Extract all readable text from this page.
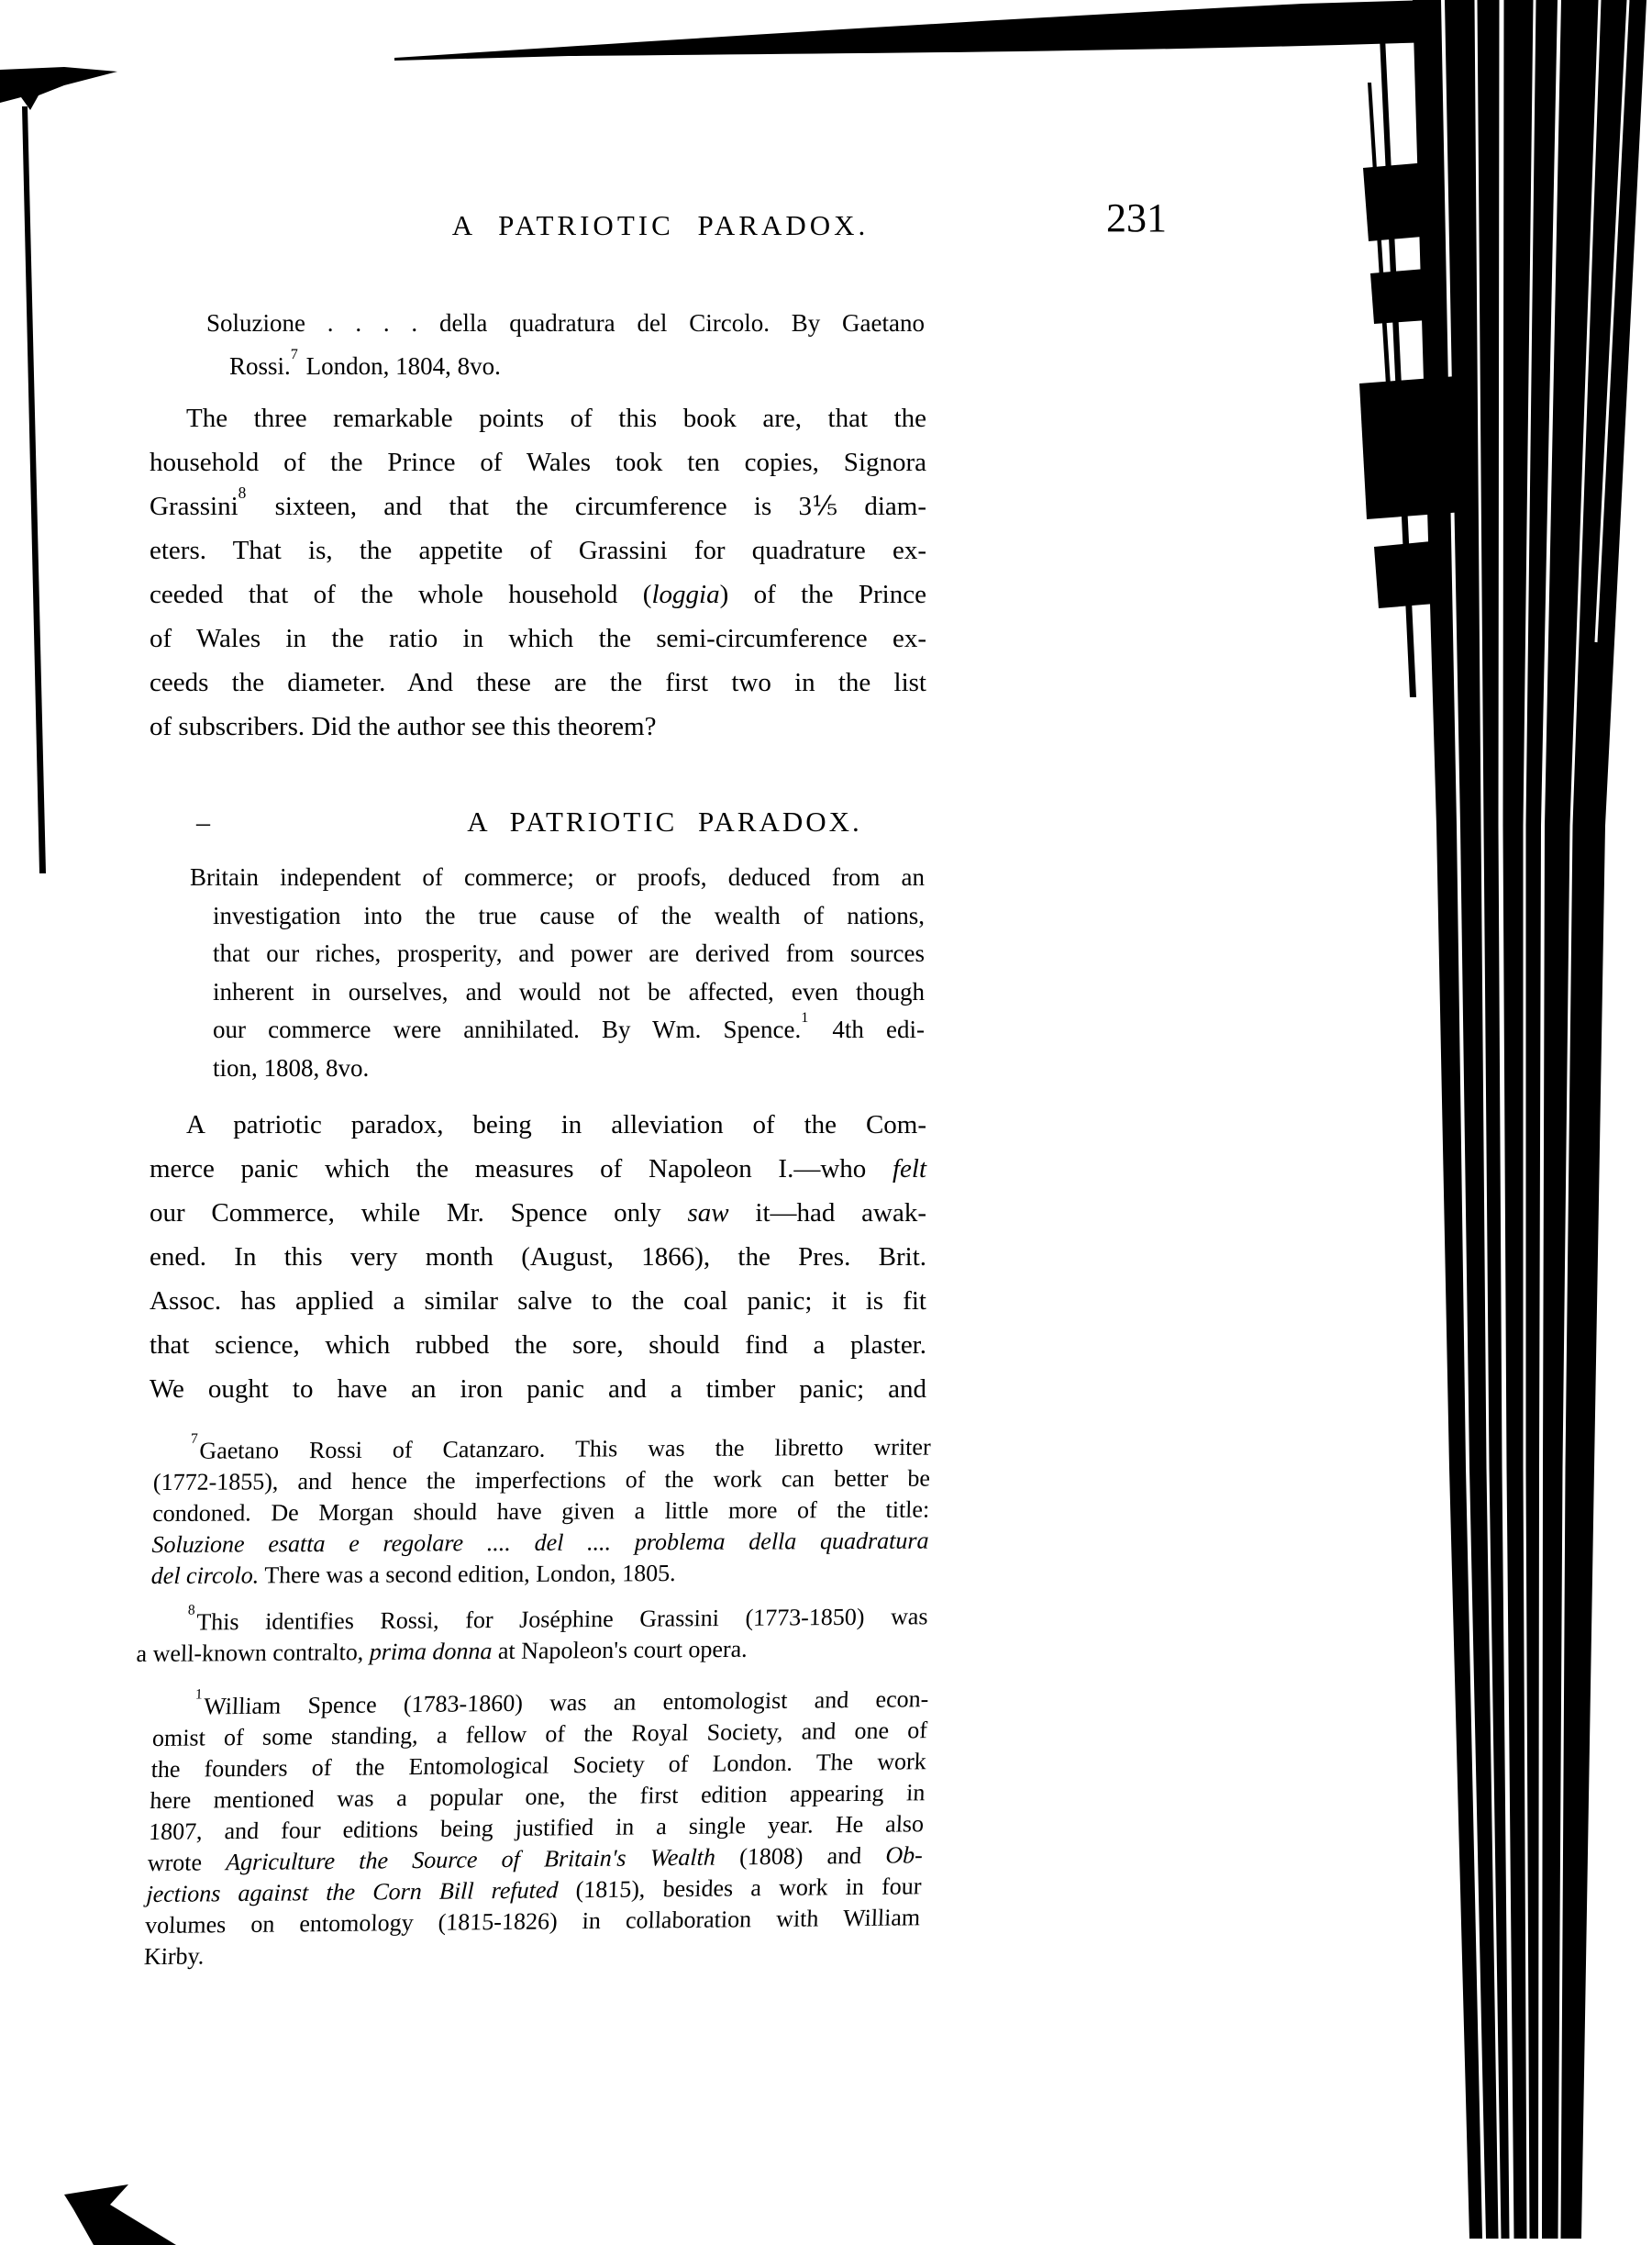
A PATRIOTIC PARADOX.	231
Soluzione . . . . della quadratura del Circolo. By Gaetano
Rossi.$^7$ London, 1804, 8vo.
The three remarkable points of this book are, that the
household of the Prince of Wales took ten copies, Signora
Grassini$^8$ sixteen, and that the circumference is 3⅕ diam-
eters. That is, the appetite of Grassini for quadrature ex-
ceeded that of the whole household (loggia) of the Prince
of Wales in the ratio in which the semi-circumference ex-
ceeds the diameter. And these are the first two in the list
of subscribers. Did the author see this theorem?
–	A PATRIOTIC PARADOX.
Britain independent of commerce; or proofs, deduced from an
investigation into the true cause of the wealth of nations,
that our riches, prosperity, and power are derived from sources
inherent in ourselves, and would not be affected, even though
our commerce were annihilated. By Wm. Spence.$^1$ 4th edi-
tion, 1808, 8vo.
A patriotic paradox, being in alleviation of the Com-
merce panic which the measures of Napoleon I.—who felt
our Commerce, while Mr. Spence only saw it—had awak-
ened. In this very month (August, 1866), the Pres. Brit.
Assoc. has applied a similar salve to the coal panic; it is fit
that science, which rubbed the sore, should find a plaster.
We ought to have an iron panic and a timber panic; and
$^7$Gaetano Rossi of Catanzaro. This was the libretto writer
(1772-1855), and hence the imperfections of the work can better be
condoned. De Morgan should have given a little more of the title:
Soluzione esatta e regolare .... del .... problema della quadratura
del circolo. There was a second edition, London, 1805.
$^8$This identifies Rossi, for Joséphine Grassini (1773-1850) was
a well-known contralto, prima donna at Napoleon's court opera.
$^1$William Spence (1783-1860) was an entomologist and econ-
omist of some standing, a fellow of the Royal Society, and one of
the founders of the Entomological Society of London. The work
here mentioned was a popular one, the first edition appearing in
1807, and four editions being justified in a single year. He also
wrote Agriculture the Source of Britain's Wealth (1808) and Ob-
jections against the Corn Bill refuted (1815), besides a work in four
volumes on entomology (1815-1826) in collaboration with William
Kirby.
